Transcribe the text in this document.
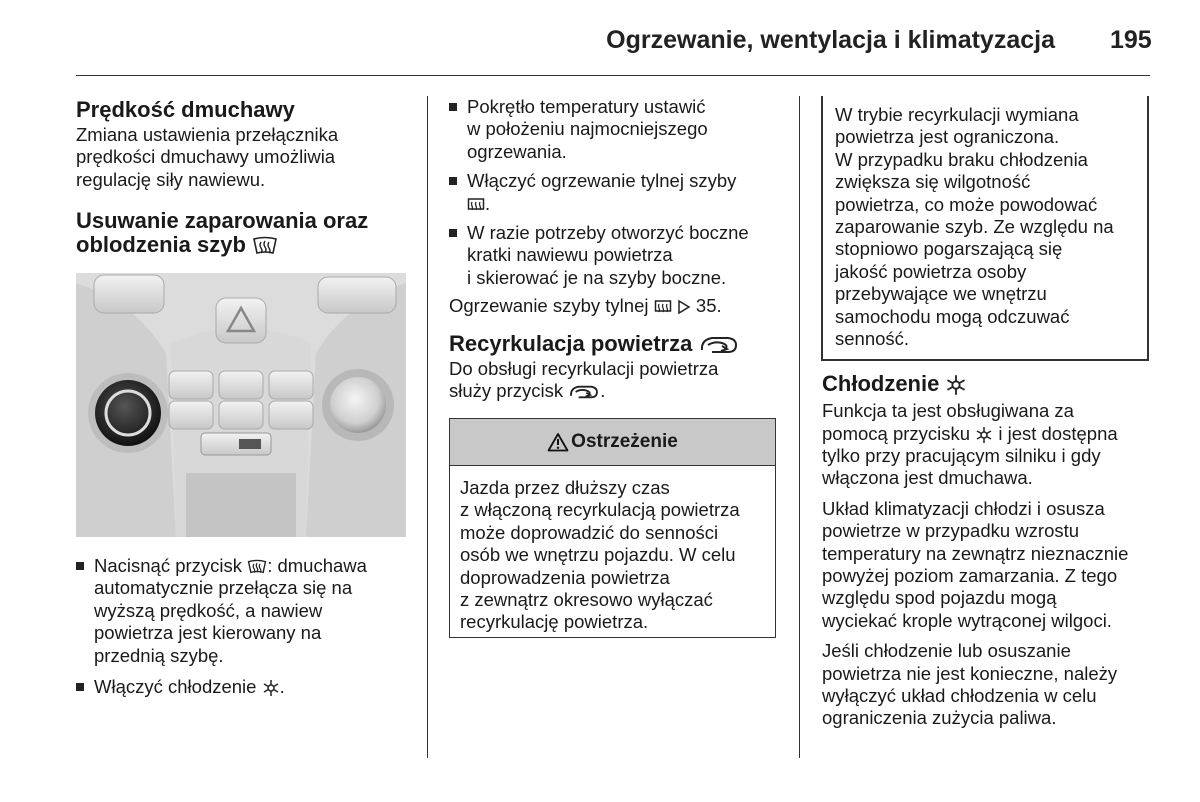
Ogrzewanie, wentylacja i klimatyzacja 195
Prędkość dmuchawy

Zmiana ustawienia przełącznika
prędkości dmuchawy umożliwia
regulację siły nawiewu.

Usuwanie zaparowania oraz
oblodzenia szyb
Nacisnąć przycisk : dmuchawa
automatycznie przełącza się na
wyższą prędkość, a nawiew
powietrza jest kierowany na
przednią szybę.
Włączyć chłodzenie .
Pokrętło temperatury ustawić
w położeniu najmocniejszego
ogrzewania.
Włączyć ogrzewanie tylnej szyby
.
W razie potrzeby otworzyć boczne
kratki nawiewu powietrza
i skierować je na szyby boczne.

Ogrzewanie szyby tylnej	35.

Recyrkulacja powietrza

Do obsługi recyrkulacji powietrza
służy przycisk .

Ostrzeżenie

Jazda przez dłuższy czas
z włączoną recyrkulacją powietrza
może doprowadzić do senności
osób we wnętrzu pojazdu. W celu
doprowadzenia powietrza
z zewnątrz okresowo wyłączać
recyrkulację powietrza.

W trybie recyrkulacji wymiana
powietrza jest ograniczona.
W przypadku braku chłodzenia
zwiększa się wilgotność
powietrza, co może powodować
zaparowanie szyb. Ze względu na
stopniowo pogarszającą się
jakość powietrza osoby
przebywające we wnętrzu
samochodu mogą odczuwać
senność.

Chłodzenie

Funkcja ta jest obsługiwana za
pomocą przycisku i jest dostępna
tylko przy pracującym silniku i gdy
włączona jest dmuchawa.

Układ klimatyzacji chłodzi i osusza
powietrze w przypadku wzrostu
temperatury na zewnątrz nieznacznie
powyżej poziom zamarzania. Z tego
względu spod pojazdu mogą
wyciekać krople wytrąconej wilgoci.

Jeśli chłodzenie lub osuszanie
powietrza nie jest konieczne, należy
wyłączyć układ chłodzenia w celu
ograniczenia zużycia paliwa.
